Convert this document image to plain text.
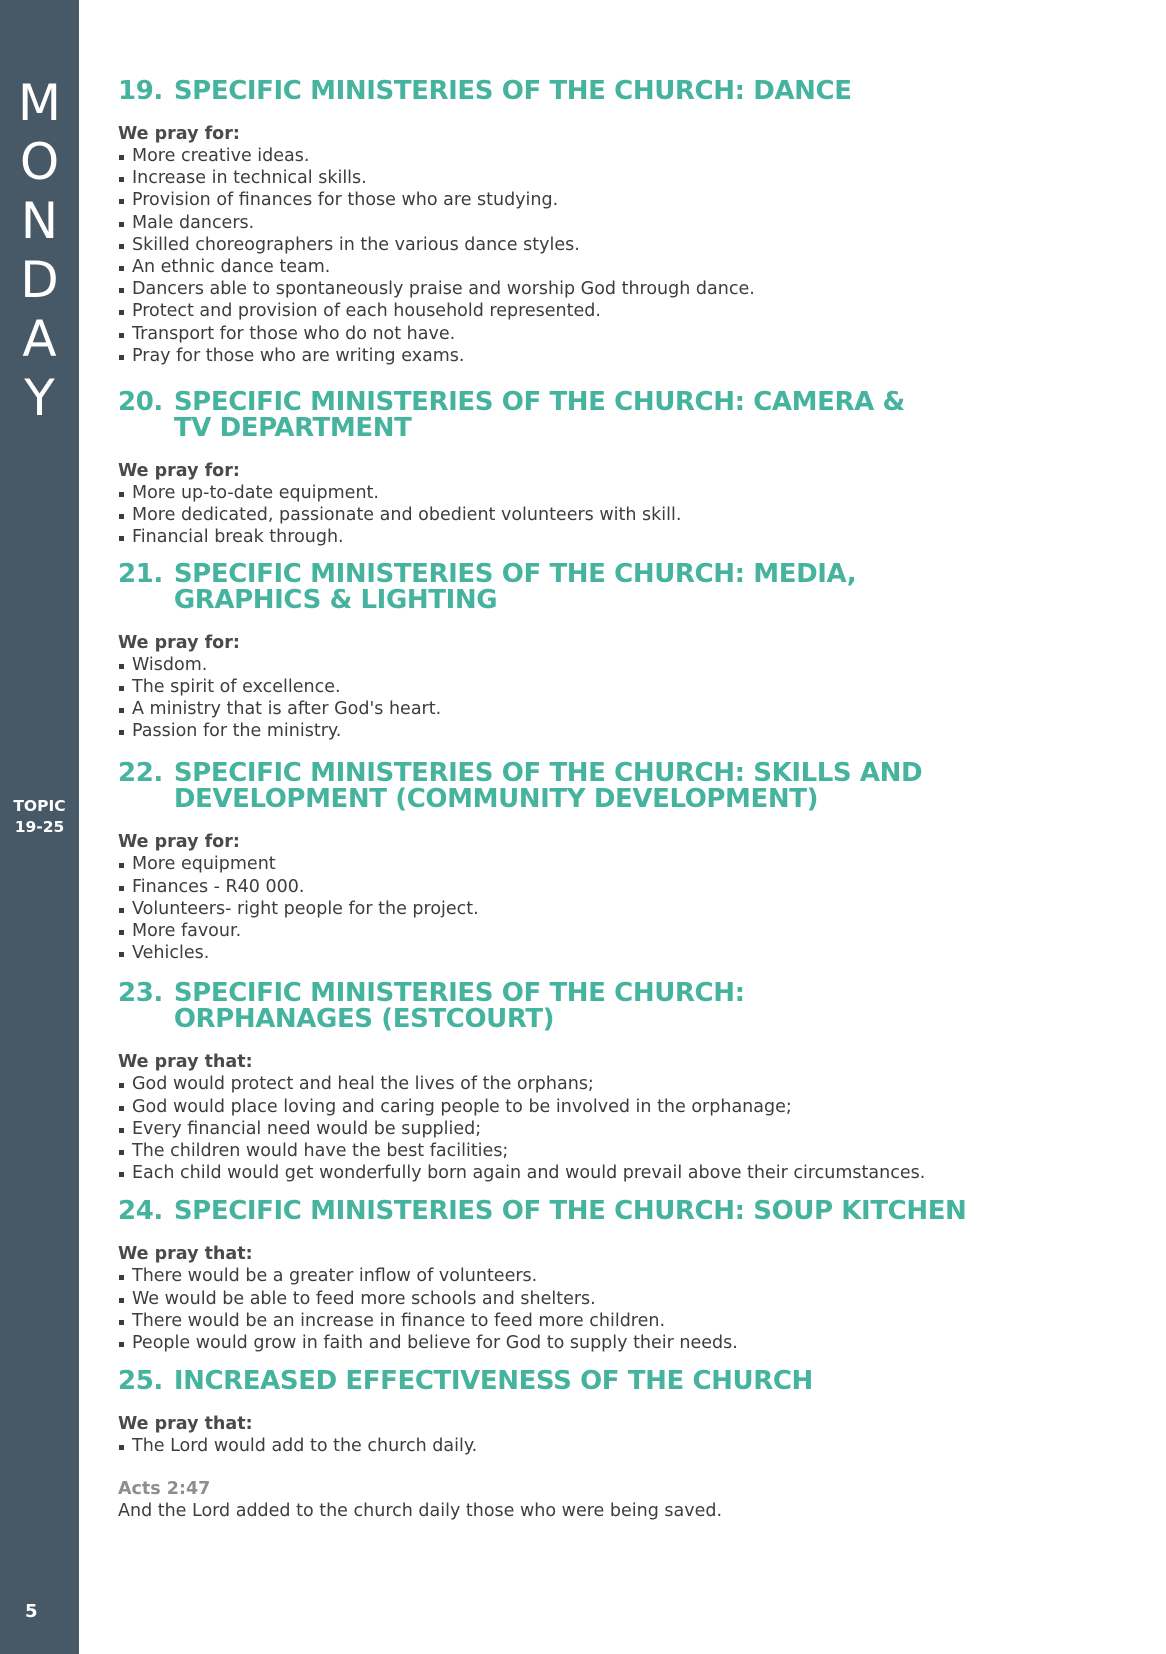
M
O
N
D
A
Y
TOPIC
19-25
5
19. SPECIFIC MINISTERIES OF THE CHURCH: DANCE
We pray for:
More creative ideas.
Increase in technical skills.
Provision of finances for those who are studying.
Male dancers.
Skilled choreographers in the various dance styles.
An ethnic dance team.
Dancers able to spontaneously praise and worship God through dance.
Protect and provision of each household represented.
Transport for those who do not have.
Pray for those who are writing exams.
20. SPECIFIC MINISTERIES OF THE CHURCH: CAMERA &
TV DEPARTMENT
We pray for:
More up-to-date equipment.
More dedicated, passionate and obedient volunteers with skill.
Financial break through.
21. SPECIFIC MINISTERIES OF THE CHURCH: MEDIA,
GRAPHICS & LIGHTING
We pray for:
Wisdom.
The spirit of excellence.
A ministry that is after God's heart.
Passion for the ministry.
22. SPECIFIC MINISTERIES OF THE CHURCH: SKILLS AND
DEVELOPMENT (COMMUNITY DEVELOPMENT)
We pray for:
More equipment
Finances - R40 000.
Volunteers- right people for the project.
More favour.
Vehicles.
23. SPECIFIC MINISTERIES OF THE CHURCH:
ORPHANAGES (ESTCOURT)
We pray that:
God would protect and heal the lives of the orphans;
God would place loving and caring people to be involved in the orphanage;
Every financial need would be supplied;
The children would have the best facilities;
Each child would get wonderfully born again and would prevail above their circumstances.
24. SPECIFIC MINISTERIES OF THE CHURCH: SOUP KITCHEN
We pray that:
There would be a greater inflow of volunteers.
We would be able to feed more schools and shelters.
There would be an increase in finance to feed more children.
People would grow in faith and believe for God to supply their needs.
25. INCREASED EFFECTIVENESS OF THE CHURCH
We pray that:
The Lord would add to the church daily.
Acts 2:47
And the Lord added to the church daily those who were being saved.
